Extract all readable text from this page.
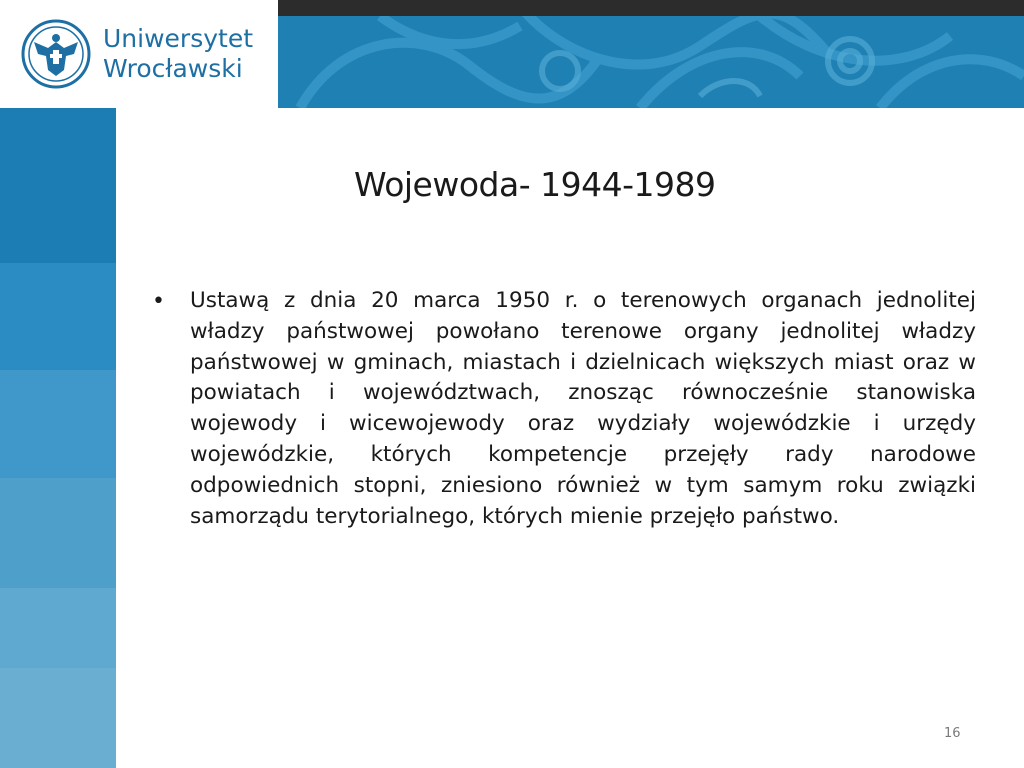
Uniwersytet
Wrocławski
Wojewoda- 1944-1989
• Ustawą z dnia 20 marca 1950 r. o terenowych organach jednolitej władzy państwowej powołano terenowe organy jednolitej władzy państwowej w gminach, miastach i dzielnicach większych miast oraz w powiatach i województwach, znosząc równocześnie stanowiska wojewody i wicewojewody oraz wydziały wojewódzkie i urzędy wojewódzkie, których kompetencje przejęły rady narodowe odpowiednich stopni, zniesiono również w tym samym roku związki samorządu terytorialnego, których mienie przejęło państwo.

16
